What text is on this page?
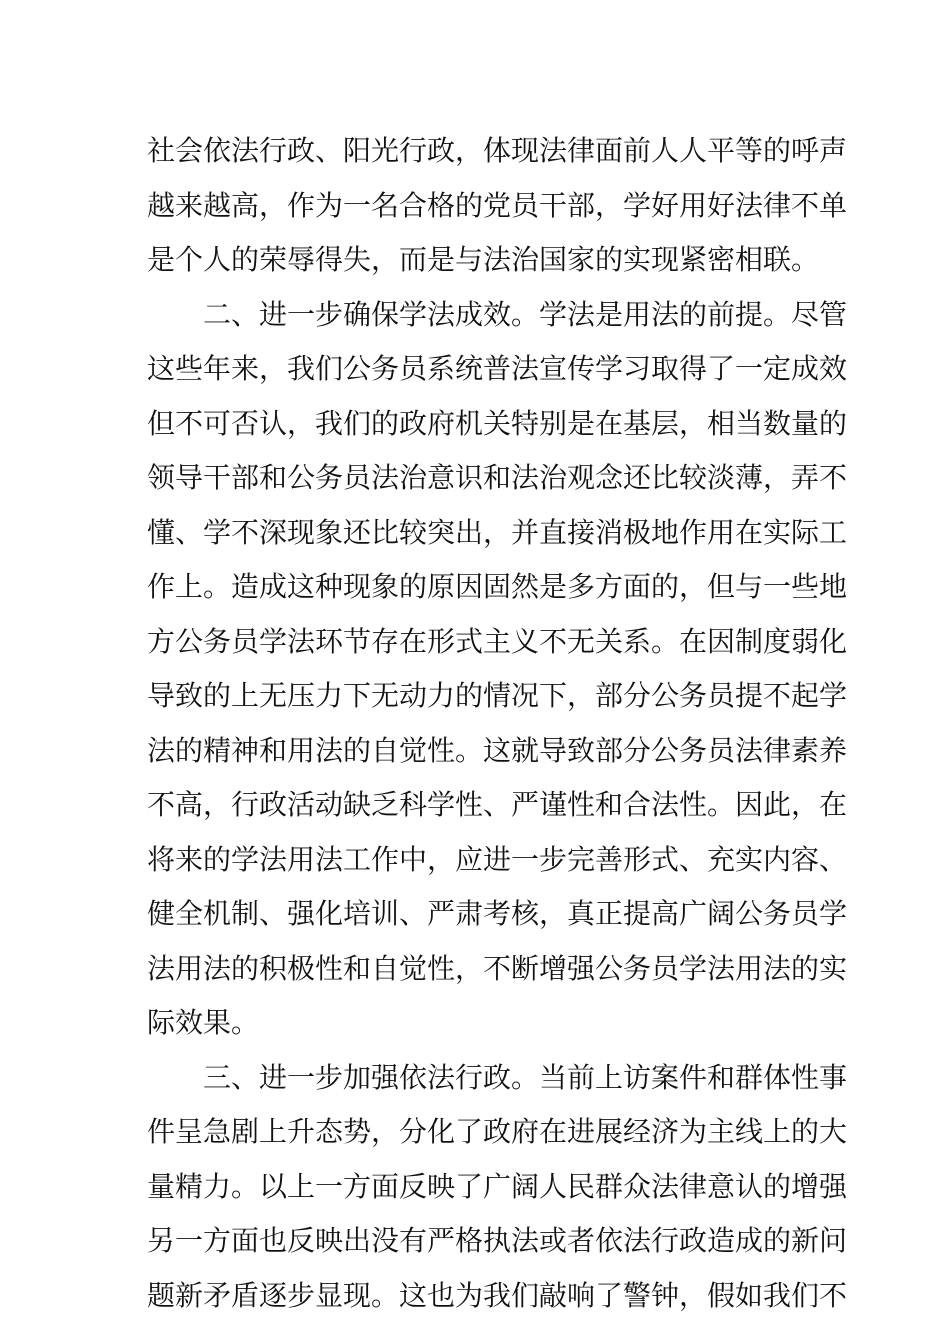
社会依法行政、阳光行政，体现法律面前人人平等的呼声
越来越高，作为一名合格的党员干部，学好用好法律不单
是个人的荣辱得失，而是与法治国家的实现紧密相联。
二、进一步确保学法成效。学法是用法的前提。尽管
这些年来，我们公务员系统普法宣传学习取得了一定成效
但不可否认，我们的政府机关特别是在基层，相当数量的
领导干部和公务员法治意识和法治观念还比较淡薄，弄不
懂、学不深现象还比较突出，并直接消极地作用在实际工
作上。造成这种现象的原因固然是多方面的，但与一些地
方公务员学法环节存在形式主义不无关系。在因制度弱化
导致的上无压力下无动力的情况下，部分公务员提不起学
法的精神和用法的自觉性。这就导致部分公务员法律素养
不高，行政活动缺乏科学性、严谨性和合法性。因此，在
将来的学法用法工作中，应进一步完善形式、充实内容、
健全机制、强化培训、严肃考核，真正提高广阔公务员学
法用法的积极性和自觉性，不断增强公务员学法用法的实
际效果。
三、进一步加强依法行政。当前上访案件和群体性事
件呈急剧上升态势，分化了政府在进展经济为主线上的大
量精力。以上一方面反映了广阔人民群众法律意认的增强
另一方面也反映出没有严格执法或者依法行政造成的新问
题新矛盾逐步显现。这也为我们敲响了警钟，假如我们不
